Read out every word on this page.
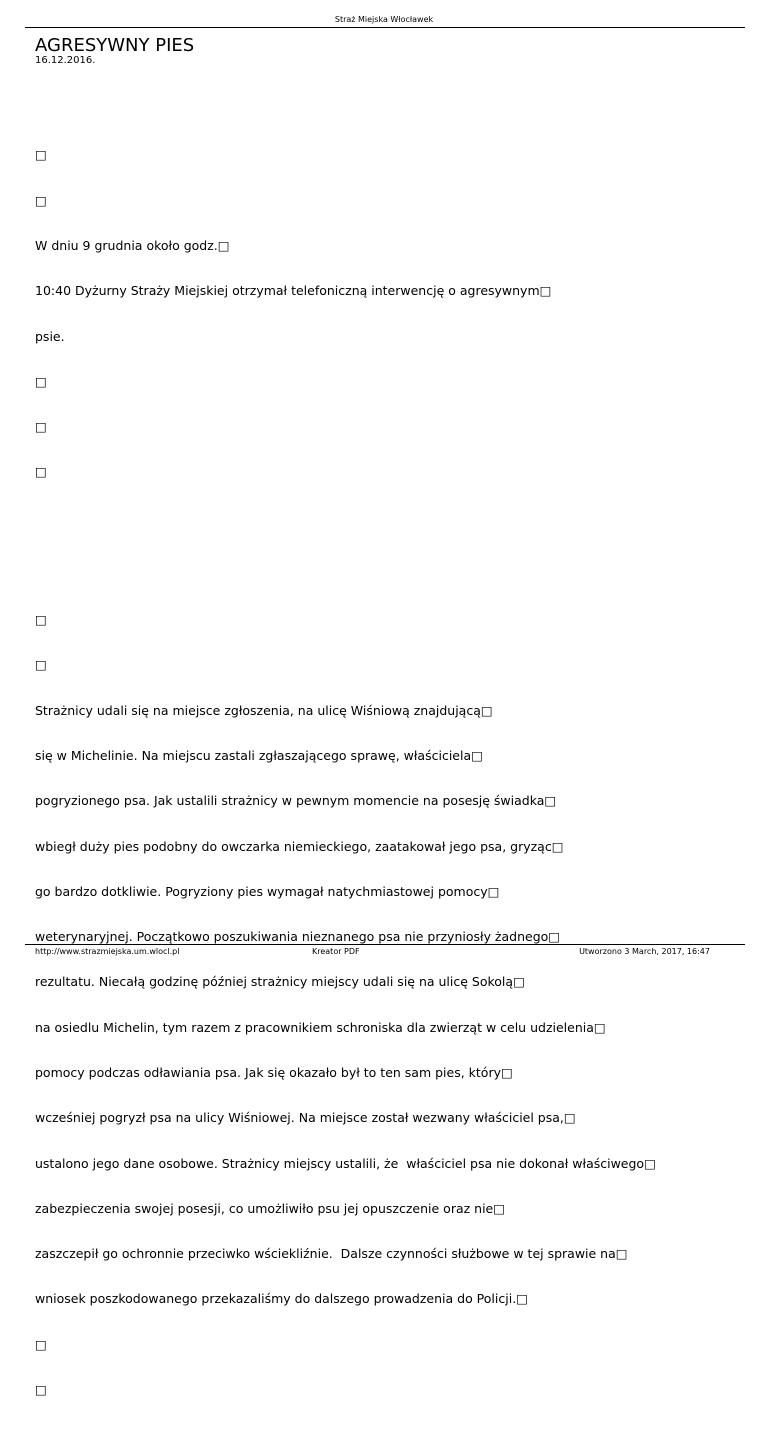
Straż Miejska Włocławek
AGRESYWNY PIES
16.12.2016.

□

□

W dniu 9 grudnia około godz.□

10:40 Dyżurny Straży Miejskiej otrzymał telefoniczną interwencję o agresywnym□

psie.

□

□

□

□

□

Strażnicy udali się na miejsce zgłoszenia, na ulicę Wiśniową znajdującą□

się w Michelinie. Na miejscu zastali zgłaszającego sprawę, właściciela□

pogryzionego psa. Jak ustalili strażnicy w pewnym momencie na posesję świadka□

wbiegł duży pies podobny do owczarka niemieckiego, zaatakował jego psa, gryząc□

go bardzo dotkliwie. Pogryziony pies wymagał natychmiastowej pomocy□

weterynaryjnej. Początkowo poszukiwania nieznanego psa nie przyniosły żadnego□

rezultatu. Niecałą godzinę później strażnicy miejscy udali się na ulicę Sokolą□

na osiedlu Michelin, tym razem z pracownikiem schroniska dla zwierząt w celu udzielenia□

pomocy podczas odławiania psa. Jak się okazało był to ten sam pies, który□

wcześniej pogryzł psa na ulicy Wiśniowej. Na miejsce został wezwany właściciel psa,□

ustalono jego dane osobowe. Strażnicy miejscy ustalili, że  właściciel psa nie dokonał właściwego□

zabezpieczenia swojej posesji, co umożliwiło psu jej opuszczenie oraz nie□

zaszczepił go ochronnie przeciwko wściekliźnie.  Dalsze czynności służbowe w tej sprawie na□

wniosek poszkodowanego przekazaliśmy do dalszego prowadzenia do Policji.□

□

□

http://www.strazmiejska.um.wlocl.pl	Kreator PDF	Utworzono 3 March, 2017, 16:47
